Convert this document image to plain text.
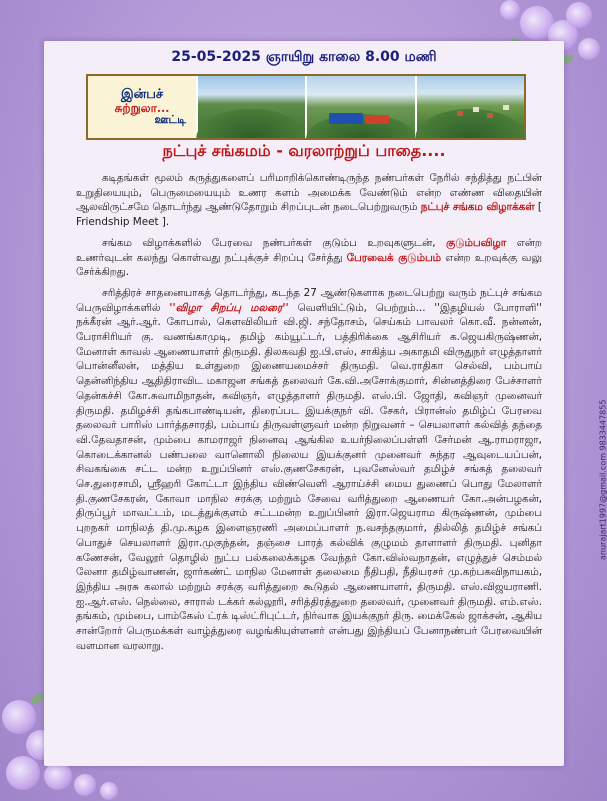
25-05-2025 ஞாயிறு காலை 8.00 மணி
இன்பச்
சுற்றுலா...
ஊட்டி
நட்புச் சங்கமம் - வரலாற்றுப் பாதை....

கடிதங்கள் மூலம் கருத்துகளைப் பரிமாறிக்கொண்டிருந்த நண்பர்கள் நேரில் சந்தித்து நட்பின் உறுதியையும், பெருமையையும் உணர களம் அமைக்க வேண்டும் என்ற எண்ண விதையின் ஆலவிருட்சமே தொடர்ந்து ஆண்டுதோறும் சிறப்புடன் நடைபெற்றுவரும் நட்புச் சங்கம விழாக்கள் [ Friendship Meet ].

சங்கம விழாக்களில் பேரவை நண்பர்கள் குடும்ப உறவுகளுடன், குடும்பவிழா என்ற உணர்வுடன் கலந்து கொள்வது நட்புக்குச் சிறப்பு சேர்த்து பேரவைக் குடும்பம் என்ற உறவுக்கு வலு சேர்க்கிறது.

சரித்திரச் சாதனையாகத் தொடர்ந்து, கடந்த 27 ஆண்டுகளாக நடைபெற்று வரும் நட்புச் சங்கம பெருவிழாக்களில் ''விழா சிறப்பு மலரை'' வெளியிட்டும், பெற்றும்... ''இதழியல் போராளி'' நக்கீரன் ஆர்.ஆர். கோபால், கௌவிலியர் வி.ஜி. சந்தோசம், செய்கம் பாவலர் கொ.வீ. நன்னன், பேராசிரியர் கு. வணங்காமுடி, தமிழ் கம்யூட்டர், பத்திரிக்கை ஆசிரியர் க.ஜெயகிருஷ்ணன், மேனாள் காவல் ஆணையாளர் திருமதி. திலகவதி ஐ.பி.எஸ், சாகித்ய அகாதமி விருதுநர் எழுத்தாளர் பொன்னீலன், மத்திய உள்துறை இணையமைச்சர் திருமதி. வெ.ராதிகா செல்வி, பம்பாய் தென்னிந்திய ஆதிதிராவிட மகாஜன சங்கத் தலைவர் கே.வி.அசோக்குமார், சின்னத்திரை பேச்சாளர் தென்கச்சி கோ.சுவாமிநாதன், கவிஞர், எழுத்தாளர் திருமதி. எஸ்.பி. ஜோதி, கவிஞர் முனைவர் திருமதி. தமிழச்சி தங்கபாண்டியன், திரைப்பட இயக்குநர் வி. சேகர், பிரான்ஸ் தமிழ்ப் பேரவை தலைவர் பாரிஸ் பார்த்தசாரதி, பம்பாய் திருவள்ளுவர் மன்ற நிறுவனர் – செயலாளர் கல்வித் தந்தை வி.தேவதாசன், மும்பை காமராஜர் நினைவு ஆங்கில உயர்நிலைப்பள்ளி சேர்மன் ஆ.ராமராஜா, கொடைக்கானல் பண்பலை வானொலி நிலைய இயக்குனர் முனைவர் சுந்தர ஆவுடையப்பன், சிவகங்கை சட்ட மன்ற உறுப்பினர் எஸ்.குணசேகரன், புவனேஸ்வர் தமிழ்ச் சங்கத் தலைவர் செ.துரைசாமி, ஸ்ரீஹரி கோட்டா இந்திய விண்வெளி ஆராய்ச்சி மைய துணைப் பொது மேலாளர் தி.குணசேகரன், கோவா மாநில சரக்கு மற்றும் சேவை வரித்துறை ஆணையர் கோ.அன்பழகன், திருப்பூர் மாவட்டம், மடத்துக்குளம் சட்டமன்ற உறுப்பினர் இரா.ஜெயராம கிருஷ்ணன், மும்பை புறநகர் மாநிலத் தி.மு.கழக இளைஞரணி அமைப்பாளர் ந.வசந்தகுமார், தில்லித் தமிழ்ச் சங்கப் பொதுச் செயலாளர் இரா.முகுந்தன், தஞ்சை பாரத் கல்விக் குழுமம் தாளாளர் திருமதி. புனிதா கணேசன், வேலூர் தொழில் நுட்ப பல்கலைக்கழக வேந்தர் கோ.விஸ்வநாதன், எழுத்துச் செம்மல் லேனா தமிழ்வாணன், ஜார்கண்ட் மாநில மேனாள் தலைமை நீதிபதி, நீதியரசர் மு.கற்பகவிநாயகம், இந்திய அரசு கலால் மற்றும் சரக்கு வரித்துறை கூடுதல் ஆணையாளர், திருமதி. எஸ்.விஜயராணி. ஐ.ஆர்.எஸ். நெல்லை, சாரால் டக்கர் கல்லூரி, சரித்திரத்துறை தலைவர், முனைவர் திருமதி. எம்.எஸ். தங்கம், மும்பை, பாம்கேஸ் ட்ரக் டிஸ்ட்ரிபுட்டர், நிர்வாக இயக்குநர் திரு. மைக்கேல் ஜாக்சன், ஆகிய சான்றோர் பெருமக்கள் வாழ்த்துரை வழங்கியுள்ளனர் என்பது இந்தியப் பேனாநண்பர் பேரவையின் வளமான வரலாறு.

anurajart1997@gmail.com 9833447855
